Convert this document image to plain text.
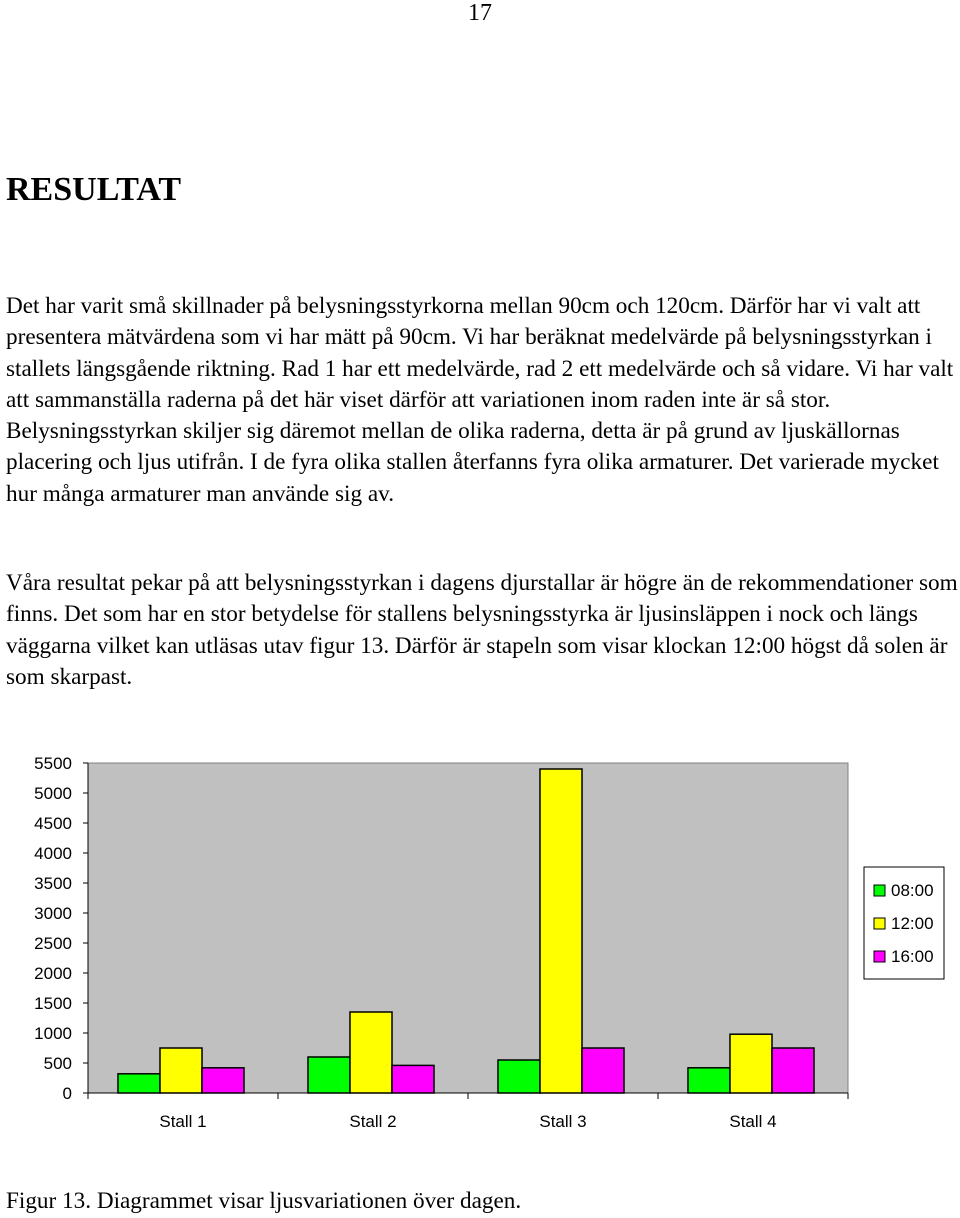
17
RESULTAT

Det har varit små skillnader på belysningsstyrkorna mellan 90cm och 120cm. Därför har vi valt att presentera mätvärdena som vi har mätt på 90cm. Vi har beräknat medelvärde på belysningsstyrkan i stallets längsgående riktning. Rad 1 har ett medelvärde, rad 2 ett medelvärde och så vidare. Vi har valt att sammanställa raderna på det här viset därför att variationen inom raden inte är så stor. Belysningsstyrkan skiljer sig däremot mellan de olika raderna, detta är på grund av ljuskällornas placering och ljus utifrån. I de fyra olika stallen återfanns fyra olika armaturer. Det varierade mycket hur många armaturer man använde sig av.

Våra resultat pekar på att belysningsstyrkan i dagens djurstallar är högre än de rekommendationer som finns. Det som har en stor betydelse för stallens belysningsstyrka är ljusinsläppen i nock och längs väggarna vilket kan utläsas utav figur 13. Därför är stapeln som visar klockan 12:00 högst då solen är som skarpast.

0
500
1000
1500
2000
2500
3000
3500
4000
4500
5000
5500
Stall 1	Stall 2	Stall 3	Stall 4
08:00
12:00
16:00

Figur 13. Diagrammet visar ljusvariationen över dagen.
